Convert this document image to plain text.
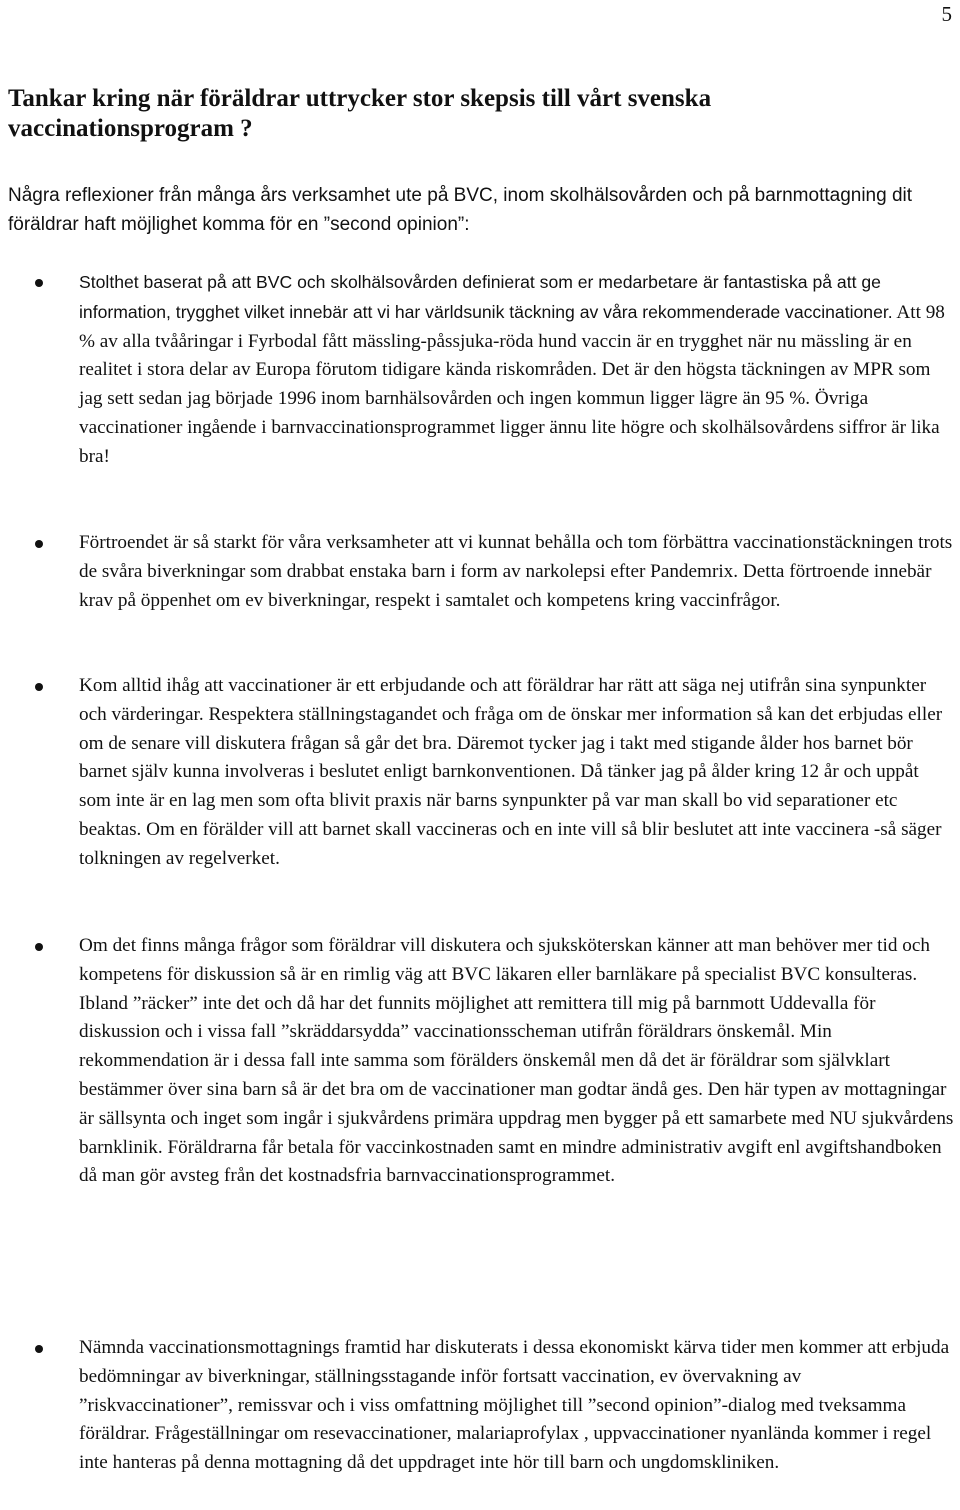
5
Tankar kring när föräldrar uttrycker stor skepsis till vårt svenska vaccinationsprogram ?

Några reflexioner från många års verksamhet ute på BVC, inom skolhälsovården och på barnmottagning dit föräldrar haft möjlighet komma för en ”second opinion”:

Stolthet baserat på att BVC och skolhälsovården definierat som er medarbetare är fantastiska på att ge information, trygghet vilket innebär att vi har världsunik täckning av våra rekommenderade vaccinationer. Att 98 % av alla tvååringar i Fyrbodal fått mässling-påssjuka-röda hund vaccin är en trygghet när nu mässling är en realitet i stora delar av Europa förutom tidigare kända riskområden. Det är den högsta täckningen av MPR som jag sett sedan jag började 1996 inom barnhälsovården och ingen kommun ligger lägre än 95 %. Övriga vaccinationer ingående i barnvaccinationsprogrammet ligger ännu lite högre och skolhälsovårdens siffror är lika bra!
Förtroendet är så starkt för våra verksamheter att vi kunnat behålla och tom förbättra vaccinationstäckningen trots de svåra biverkningar som drabbat enstaka barn i form av narkolepsi efter Pandemrix. Detta förtroende innebär krav på öppenhet om ev biverkningar, respekt i samtalet och kompetens kring vaccinfrågor.
Kom alltid ihåg att vaccinationer är ett erbjudande och att föräldrar har rätt att säga nej utifrån sina synpunkter och värderingar. Respektera ställningstagandet och fråga om de önskar mer information så kan det erbjudas eller om de senare vill diskutera frågan så går det bra. Däremot tycker jag i takt med stigande ålder hos barnet bör barnet själv kunna involveras i beslutet enligt barnkonventionen. Då tänker jag på ålder kring 12 år och uppåt som inte är en lag men som ofta blivit praxis när barns synpunkter på var man skall bo vid separationer etc beaktas. Om en förälder vill att barnet skall vaccineras och en inte vill så blir beslutet att inte vaccinera -så säger tolkningen av regelverket.
Om det finns många frågor som föräldrar vill diskutera och sjuksköterskan känner att man behöver mer tid och kompetens för diskussion så är en rimlig väg att BVC läkaren eller barnläkare på specialist BVC konsulteras. Ibland ”räcker” inte det och då har det funnits möjlighet att remittera till mig på barnmott Uddevalla för diskussion och i vissa fall ”skräddarsydda” vaccinationsscheman utifrån föräldrars önskemål. Min rekommendation är i dessa fall inte samma som förälders önskemål men då det är föräldrar som självklart bestämmer över sina barn så är det bra om de vaccinationer man godtar ändå ges. Den här typen av mottagningar är sällsynta och inget som ingår i sjukvårdens primära uppdrag men bygger på ett samarbete med NU sjukvårdens barnklinik. Föräldrarna får betala för vaccinkostnaden samt en mindre administrativ avgift enl avgiftshandboken då man gör avsteg från det kostnadsfria barnvaccinationsprogrammet.
Nämnda vaccinationsmottagnings framtid har diskuterats i dessa ekonomiskt kärva tider men kommer att erbjuda bedömningar av biverkningar, ställningsstagande inför fortsatt vaccination, ev övervakning av ”riskvaccinationer”, remissvar och i viss omfattning möjlighet till ”second opinion”-dialog med tveksamma föräldrar. Frågeställningar om resevaccinationer, malariaprofylax , uppvaccinationer nyanlända kommer i regel inte hanteras på denna mottagning då det uppdraget inte hör till barn och ungdomskliniken.
